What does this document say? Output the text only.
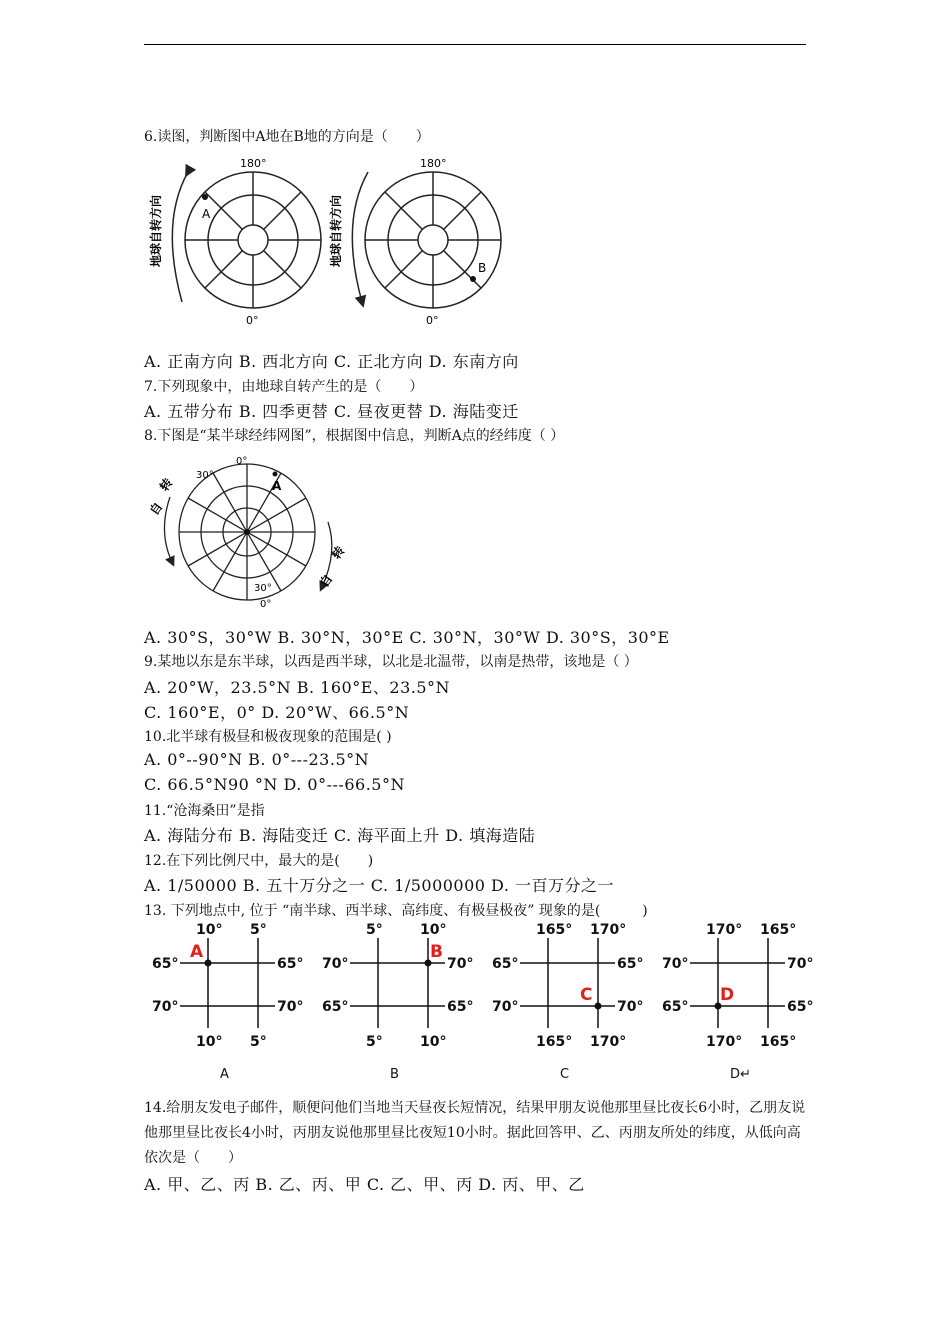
6.读图，判断图中A地在B地的方向是（　　）
A
180°
0°
地球自转方向
B
180°
0°
地球自转方向
A. 正南方向 B. 西北方向 C. 正北方向 D. 东南方向
7.下列现象中，由地球自转产生的是（　　）
A. 五带分布 B. 四季更替 C. 昼夜更替 D. 海陆变迁
8.下图是“某半球经纬网图”，根据图中信息，判断A点的经纬度（ ）
A
0°
30°
30°
0°
自
转
转
自
A. 30°S，30°W B. 30°N，30°E C. 30°N，30°W D. 30°S，30°E
9.某地以东是东半球，以西是西半球，以北是北温带，以南是热带，该地是（ ）
A. 20°W，23.5°N B. 160°E、23.5°N
C. 160°E，0° D. 20°W、66.5°N
10.北半球有极昼和极夜现象的范围是( )
A. 0°--90°N B. 0°---23.5°N
C. 66.5°N90 °N D. 0°---66.5°N
11.“沧海桑田”是指
A. 海陆分布 B. 海陆变迁 C. 海平面上升 D. 填海造陆
12.在下列比例尺中，最大的是(　　)
A. 1/50000 B. 五十万分之一 C. 1/5000000 D. 一百万分之一
13. 下列地点中, 位于 “南半球、西半球、高纬度、有极昼极夜” 现象的是(　　　)
10° 5°
10° 5°
65°
70°
65°
70°
A
A
5°	10°
5°	10°
70°
65°
70°
65°
B
B
165° 170°
165° 170°
65°
70°
65°
70°
C
C
170° 165°
170° 165°
70°
65°
70°
65°
D
D↵
14.给朋友发电子邮件，顺便问他们当地当天昼夜长短情况，结果甲朋友说他那里昼比夜长6小时，乙朋友说他那里昼比夜长4小时，丙朋友说他那里昼比夜短10小时。据此回答甲、乙、丙朋友所处的纬度，从低向高依次是（　　）
A. 甲、乙、丙 B. 乙、丙、甲 C. 乙、甲、丙 D. 丙、甲、乙
